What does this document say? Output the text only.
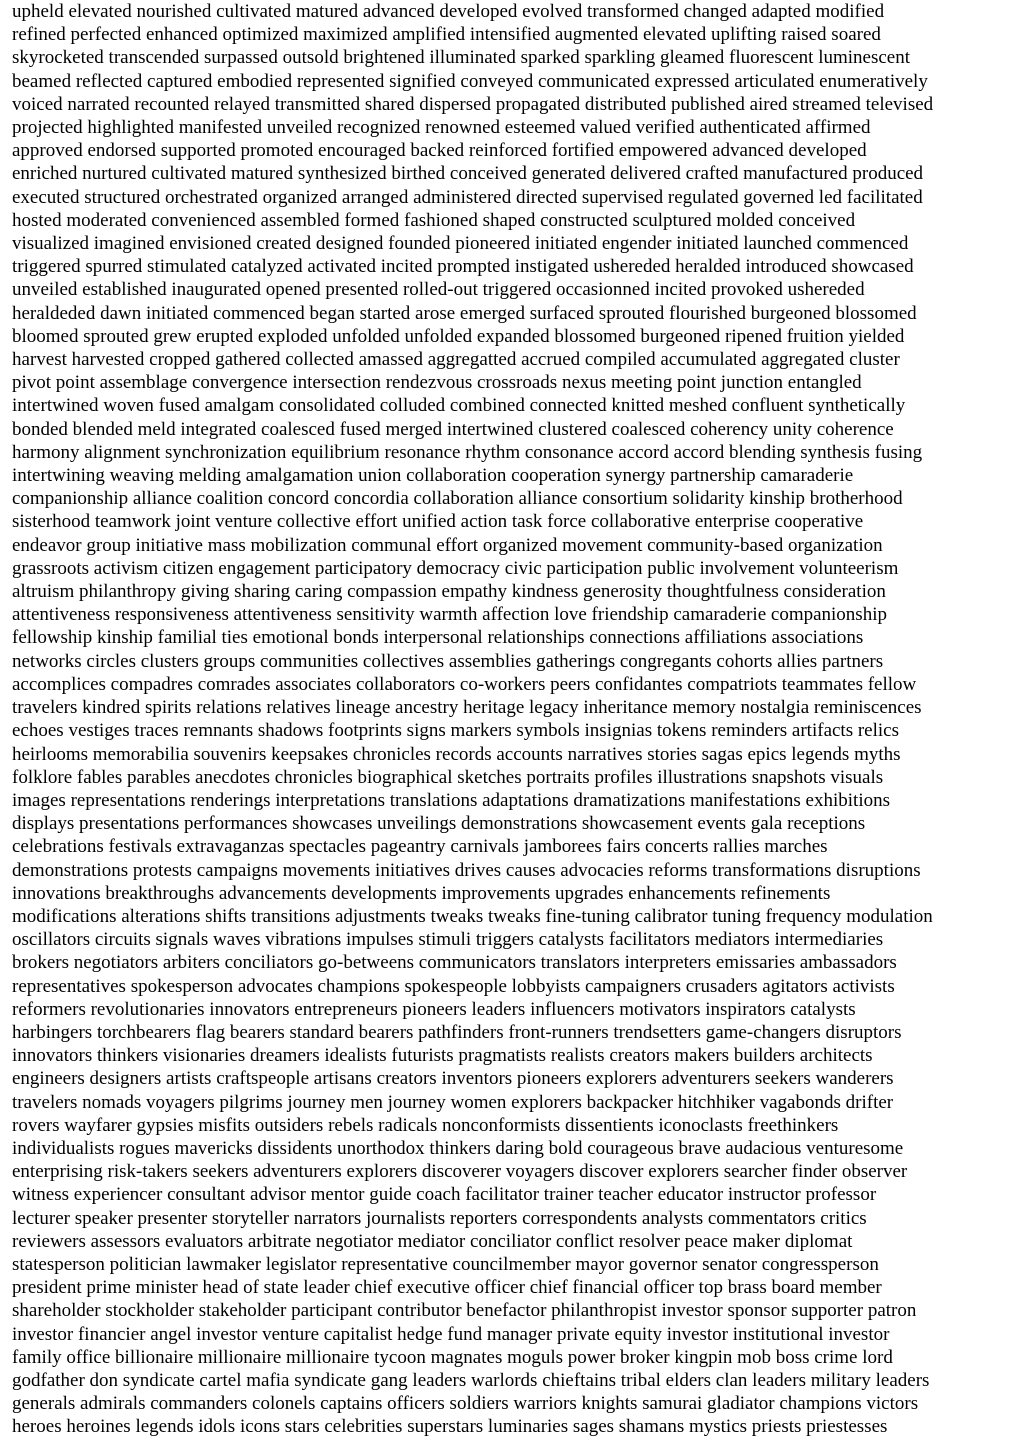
upheld elevated nourished cultivated matured advanced developed evolved transformed changed adapted modified
refined perfected enhanced optimized maximized amplified intensified augmented elevated uplifting raised soared
skyrocketed transcended surpassed outsold brightened illuminated sparked sparkling gleamed fluorescent luminescent
beamed reflected captured embodied represented signified conveyed communicated expressed articulated enumeratively
voiced narrated recounted relayed transmitted shared dispersed propagated distributed published aired streamed televised
projected highlighted manifested unveiled recognized renowned esteemed valued verified authenticated affirmed
approved endorsed supported promoted encouraged backed reinforced fortified empowered advanced developed
enriched nurtured cultivated matured synthesized birthed conceived generated delivered crafted manufactured produced
executed structured orchestrated organized arranged administered directed supervised regulated governed led facilitated
hosted moderated convenienced assembled formed fashioned shaped constructed sculptured molded conceived
visualized imagined envisioned created designed founded pioneered initiated engender initiated launched commenced
triggered spurred stimulated catalyzed activated incited prompted instigated ushereded heralded introduced showcased
unveiled established inaugurated opened presented rolled-out triggered occasionned incited provoked ushereded
heraldeded dawn initiated commenced began started arose emerged surfaced sprouted flourished burgeoned blossomed
bloomed sprouted grew erupted exploded unfolded unfolded expanded blossomed burgeoned ripened fruition yielded
harvest harvested cropped gathered collected amassed aggregatted accrued compiled accumulated aggregated cluster
pivot point assemblage convergence intersection rendezvous crossroads nexus meeting point junction entangled
intertwined woven fused amalgam consolidated colluded combined connected knitted meshed confluent synthetically
bonded blended meld integrated coalesced fused merged intertwined clustered coalesced coherency unity coherence
harmony alignment synchronization equilibrium resonance rhythm consonance accord accord blending synthesis fusing
intertwining weaving melding amalgamation union collaboration cooperation synergy partnership camaraderie
companionship alliance coalition concord concordia collaboration alliance consortium solidarity kinship brotherhood
sisterhood teamwork joint venture collective effort unified action task force collaborative enterprise cooperative
endeavor group initiative mass mobilization communal effort organized movement community-based organization
grassroots activism citizen engagement participatory democracy civic participation public involvement volunteerism
altruism philanthropy giving sharing caring compassion empathy kindness generosity thoughtfulness consideration
attentiveness responsiveness attentiveness sensitivity warmth affection love friendship camaraderie companionship
fellowship kinship familial ties emotional bonds interpersonal relationships connections affiliations associations
networks circles clusters groups communities collectives assemblies gatherings congregants cohorts allies partners
accomplices compadres comrades associates collaborators co-workers peers confidantes compatriots teammates fellow
travelers kindred spirits relations relatives lineage ancestry heritage legacy inheritance memory nostalgia reminiscences
echoes vestiges traces remnants shadows footprints signs markers symbols insignias tokens reminders artifacts relics
heirlooms memorabilia souvenirs keepsakes chronicles records accounts narratives stories sagas epics legends myths
folklore fables parables anecdotes chronicles biographical sketches portraits profiles illustrations snapshots visuals
images representations renderings interpretations translations adaptations dramatizations manifestations exhibitions
displays presentations performances showcases unveilings demonstrations showcasement events gala receptions
celebrations festivals extravaganzas spectacles pageantry carnivals jamborees fairs concerts rallies marches
demonstrations protests campaigns movements initiatives drives causes advocacies reforms transformations disruptions
innovations breakthroughs advancements developments improvements upgrades enhancements refinements
modifications alterations shifts transitions adjustments tweaks tweaks fine-tuning calibrator tuning frequency modulation
oscillators circuits signals waves vibrations impulses stimuli triggers catalysts facilitators mediators intermediaries
brokers negotiators arbiters conciliators go-betweens communicators translators interpreters emissaries ambassadors
representatives spokesperson advocates champions spokespeople lobbyists campaigners crusaders agitators activists
reformers revolutionaries innovators entrepreneurs pioneers leaders influencers motivators inspirators catalysts
harbingers torchbearers flag bearers standard bearers pathfinders front-runners trendsetters game-changers disruptors
innovators thinkers visionaries dreamers idealists futurists pragmatists realists creators makers builders architects
engineers designers artists craftspeople artisans creators inventors pioneers explorers adventurers seekers wanderers
travelers nomads voyagers pilgrims journey men journey women explorers backpacker hitchhiker vagabonds drifter
rovers wayfarer gypsies misfits outsiders rebels radicals nonconformists dissentients iconoclasts freethinkers
individualists rogues mavericks dissidents unorthodox thinkers daring bold courageous brave audacious venturesome
enterprising risk-takers seekers adventurers explorers discoverer voyagers discover explorers searcher finder observer
witness experiencer consultant advisor mentor guide coach facilitator trainer teacher educator instructor professor
lecturer speaker presenter storyteller narrators journalists reporters correspondents analysts commentators critics
reviewers assessors evaluators arbitrate negotiator mediator conciliator conflict resolver peace maker diplomat
statesperson politician lawmaker legislator representative councilmember mayor governor senator congressperson
president prime minister head of state leader chief executive officer chief financial officer top brass board member
shareholder stockholder stakeholder participant contributor benefactor philanthropist investor sponsor supporter patron
investor financier angel investor venture capitalist hedge fund manager private equity investor institutional investor
family office billionaire millionaire millionaire tycoon magnates moguls power broker kingpin mob boss crime lord
godfather don syndicate cartel mafia syndicate gang leaders warlords chieftains tribal elders clan leaders military leaders
generals admirals commanders colonels captains officers soldiers warriors knights samurai gladiator champions victors
heroes heroines legends idols icons stars celebrities superstars luminaries sages shamans mystics priests priestesses
